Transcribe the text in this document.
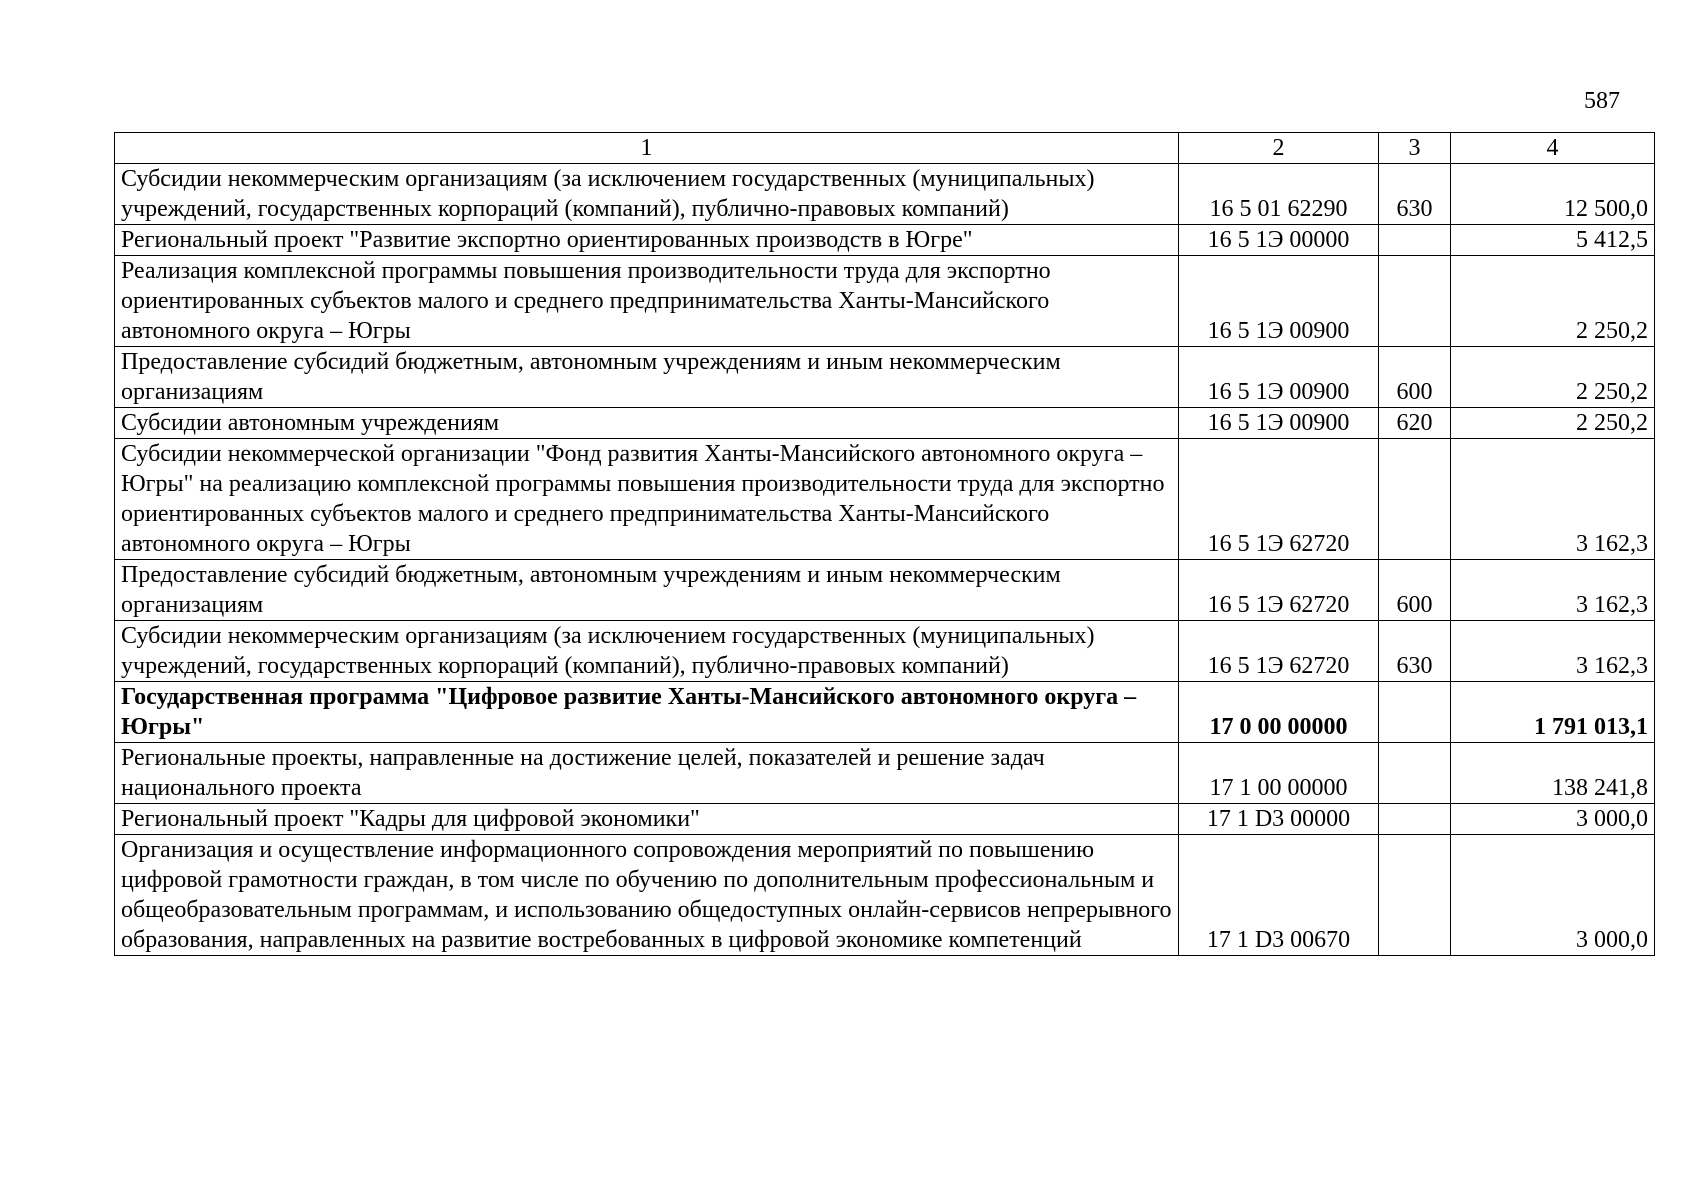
587
1	2	3	4
Субсидии некоммерческим организациям (за исключением государственных (муниципальных) учреждений, государственных корпораций (компаний), публично-правовых компаний)	16 5 01 62290	630	12 500,0
Региональный проект "Развитие экспортно ориентированных производств в Югре"	16 5 1Э 00000		5 412,5
Реализация комплексной программы повышения производительности труда для экспортно ориентированных субъектов малого и среднего предпринимательства Ханты-Мансийского автономного округа – Югры	16 5 1Э 00900		2 250,2
Предоставление субсидий бюджетным, автономным учреждениям и иным некоммерческим организациям	16 5 1Э 00900	600	2 250,2
Субсидии автономным учреждениям	16 5 1Э 00900	620	2 250,2
Субсидии некоммерческой организации "Фонд развития Ханты-Мансийского автономного округа – Югры" на реализацию комплексной программы повышения производительности труда для экспортно ориентированных субъектов малого и среднего предпринимательства Ханты-Мансийского автономного округа – Югры	16 5 1Э 62720		3 162,3
Предоставление субсидий бюджетным, автономным учреждениям и иным некоммерческим организациям	16 5 1Э 62720	600	3 162,3
Субсидии некоммерческим организациям (за исключением государственных (муниципальных) учреждений, государственных корпораций (компаний), публично-правовых компаний)	16 5 1Э 62720	630	3 162,3
Государственная программа "Цифровое развитие Ханты-Мансийского автономного округа – Югры"	17 0 00 00000		1 791 013,1
Региональные проекты, направленные на достижение целей, показателей и решение задач национального проекта	17 1 00 00000		138 241,8
Региональный проект "Кадры для цифровой экономики"	17 1 D3 00000		3 000,0
Организация и осуществление информационного сопровождения мероприятий по повышению цифровой грамотности граждан, в том числе по обучению по дополнительным профессиональным и общеобразовательным программам, и использованию общедоступных онлайн-сервисов непрерывного образования, направленных на развитие востребованных в цифровой экономике компетенций	17 1 D3 00670		3 000,0
